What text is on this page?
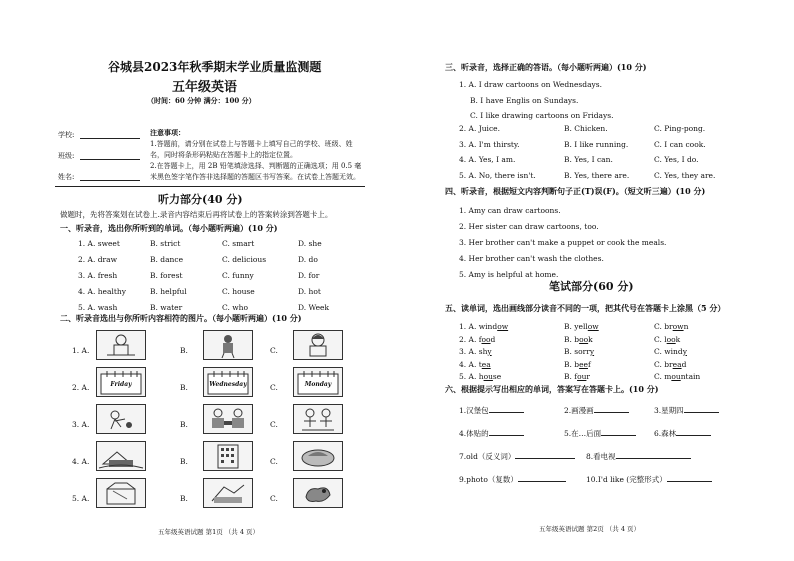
谷城县2023年秋季期末学业质量监测题
五年级英语
（时间：60 分钟 满分：100 分）
学校:
班级:
姓名:
注意事项：
1.答题前，请分别在试卷上与答题卡上填写自己的学校、班级、姓
名，同时将条形码粘贴在答题卡上的指定位置。
2.在答题卡上，用 2B 铅笔填涂选择、判断题的正确选项；用 0.5 毫
米黑色签字笔作答非选择题的答题区书写答案。在试卷上答题无效。
听力部分(40 分)
做题时，先将答案划在试卷上.录音内容结束后再将试卷上的答案转涂到答题卡上。
一、听录音，选出你所听到的单词。（每小题听两遍）(10 分)
1. A. sweet	B. strict	C. smart	D. she
2. A. draw	B. dance	C. delicious	D. do
3. A. fresh	B. forest	C. funny	D. for
4. A. healthy	B. helpful	C. house	D. hot
5. A. wash	B. water	C. who	D. Week
二、听录音选出与你所听内容相符的图片。（每小题听两遍）(10 分)
1. A.	B.	C.
2. A.	Friday	B.	Wednesday	C.	Monday
3. A.	B.	C.
4. A.	B.	C.
5. A.	B.	C.
五年级英语试题 第1页 （共 4 页）
三、听录音，选择正确的答语。（每小题听两遍）(10 分)
1. A. I draw cartoons on Wednesdays.
B. I have Englis on Sundays.
C. I like drawing cartoons on Fridays.
2. A. Juice.	B. Chicken.	C. Ping-pong.
3. A. I'm thirsty.	B. I like running.	C. I can cook.
4. A. Yes, I am.	B. Yes, I can.	C. Yes, I do.
5. A. No, there isn't.	B. Yes, there are.	C. Yes, they are.
四、听录音，根据短文内容判断句子正(T)误(F)。（短文听三遍）(10 分)
1. Amy can draw cartoons.
2. Her sister can draw cartoons, too.
3. Her brother can't make a puppet or cook the meals.
4. Her brother can't wash the clothes.
5. Amy is helpful at home.
笔试部分(60 分)
五、读单词，选出画线部分读音不同的一项，把其代号在答题卡上涂黑（5 分）
1. A. window	B. yellow	C. brown
2. A. food	B. book	C. look
3. A. shy	B. sorry	C. windy
4. A. tea	B. beef	C. bread
5. A. house	B. four	C. mountain
六、根据提示写出相应的单词，答案写在答题卡上。(10 分)
1.汉堡包	2.画漫画	3.星期四
4.体贴的	5.在…后面	6.森林
7.old（反义词）	8.看电视
9.photo（复数）	10.I'd like (完整形式）
五年级英语试题 第2页 （共 4 页）
